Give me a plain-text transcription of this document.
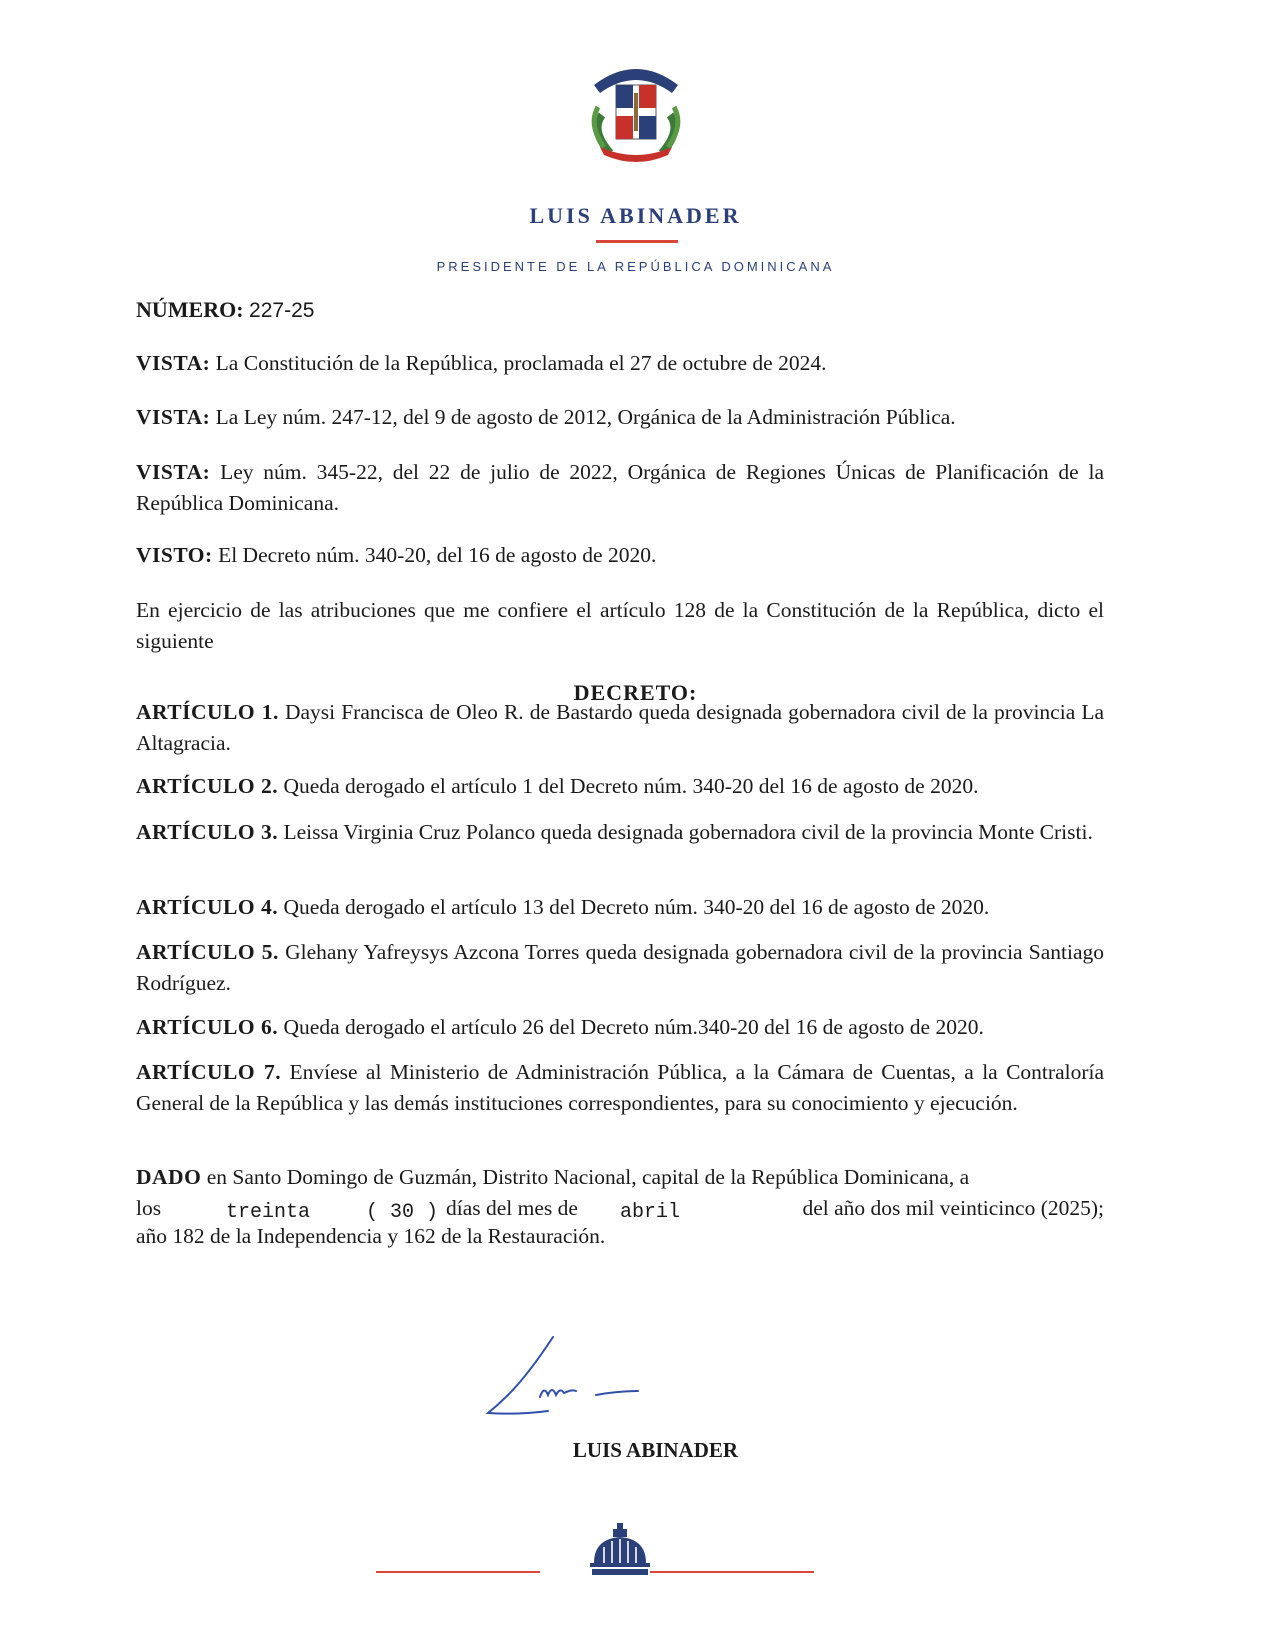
LUIS ABINADER
PRESIDENTE DE LA REPÚBLICA DOMINICANA
NÚMERO: 227-25

VISTA: La Constitución de la República, proclamada el 27 de octubre de 2024.

VISTA: La Ley núm. 247-12, del 9 de agosto de 2012, Orgánica de la Administración Pública.

VISTA: Ley núm. 345-22, del 22 de julio de 2022, Orgánica de Regiones Únicas de Planificación de la República Dominicana.

VISTO: El Decreto núm. 340-20, del 16 de agosto de 2020.

En ejercicio de las atribuciones que me confiere el artículo 128 de la Constitución de la República, dicto el siguiente

DECRETO:

ARTÍCULO 1. Daysi Francisca de Oleo R. de Bastardo queda designada gobernadora civil de la provincia La Altagracia.

ARTÍCULO 2. Queda derogado el artículo 1 del Decreto núm. 340-20 del 16 de agosto de 2020.

ARTÍCULO 3. Leissa Virginia Cruz Polanco queda designada gobernadora civil de la provincia Monte Cristi.

ARTÍCULO 4. Queda derogado el artículo 13 del Decreto núm. 340-20 del 16 de agosto de 2020.

ARTÍCULO 5. Glehany Yafreysys Azcona Torres queda designada gobernadora civil de la provincia Santiago Rodríguez.

ARTÍCULO 6. Queda derogado el artículo 26 del Decreto núm.340-20 del 16 de agosto de 2020.

ARTÍCULO 7. Envíese al Ministerio de Administración Pública, a la Cámara de Cuentas, a la Contraloría General de la República y las demás instituciones correspondientes, para su conocimiento y ejecución.

DADO en Santo Domingo de Guzmán, Distrito Nacional, capital de la República Dominicana, a

los	treinta	( 30 ) días del mes de abril	del año dos mil veinticinco (2025);

año 182 de la Independencia y 162 de la Restauración.

LUIS ABINADER
